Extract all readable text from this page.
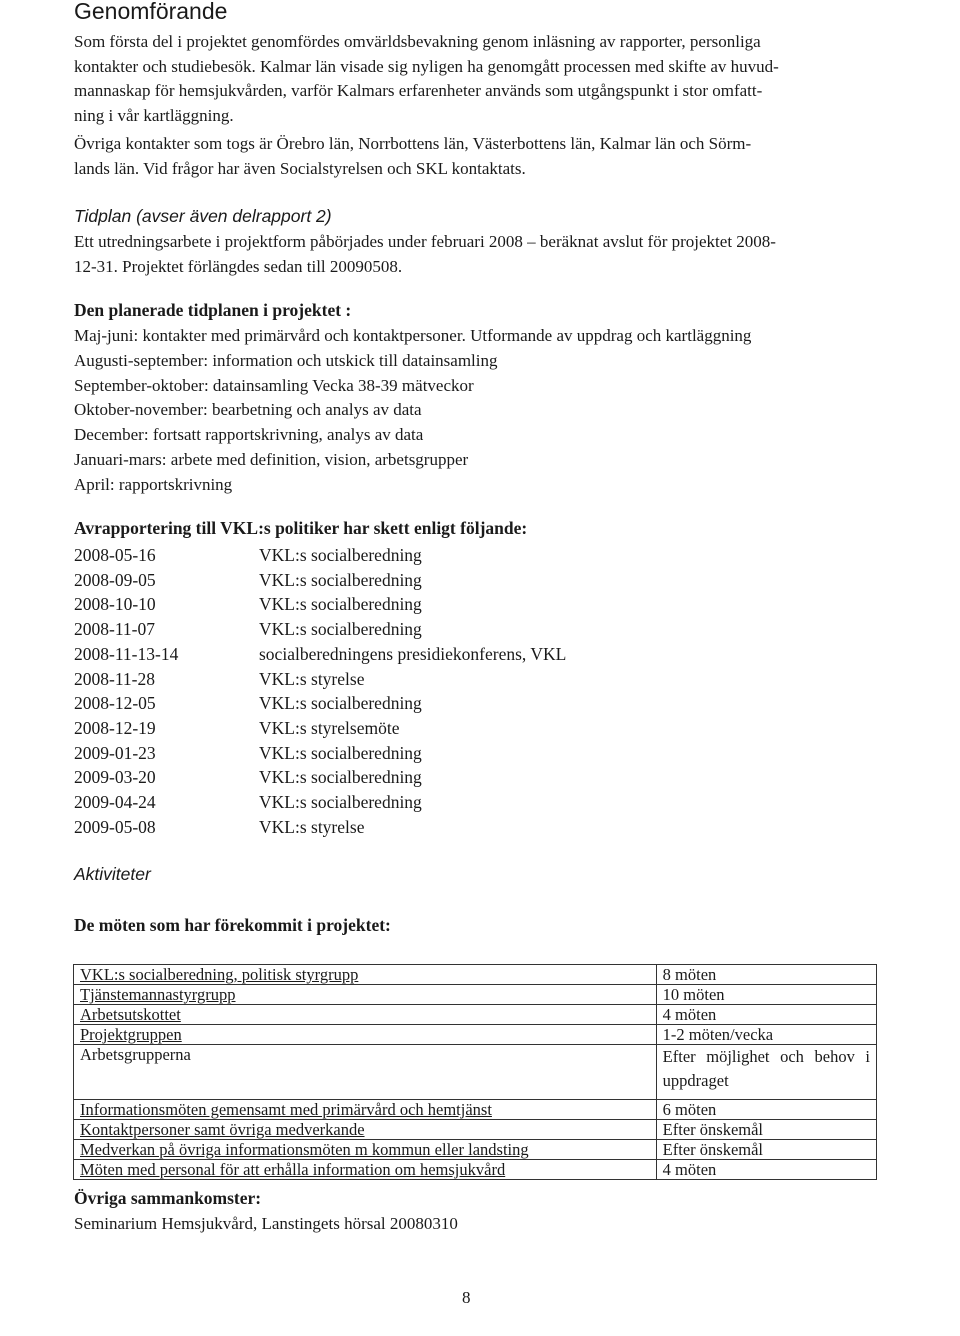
Genomförande

Som första del i projektet genomfördes omvärldsbevakning genom inläsning av rapporter, personliga
kontakter och studiebesök. Kalmar län visade sig nyligen ha genomgått processen med skifte av huvud-
mannaskap för hemsjukvården, varför Kalmars erfarenheter används som utgångspunkt i stor omfatt-
ning i vår kartläggning.

Övriga kontakter som togs är Örebro län, Norrbottens län, Västerbottens län, Kalmar län och Sörm-
lands län. Vid frågor har även Socialstyrelsen och SKL kontaktats.

Tidplan (avser även delrapport 2)

Ett utredningsarbete i projektform påbörjades under februari 2008 – beräknat avslut för projektet 2008-
12-31. Projektet förlängdes sedan till 20090508.

Den planerade tidplanen i projektet :

Maj-juni: kontakter med primärvård och kontaktpersoner. Utformande av uppdrag och kartläggning
Augusti-september: information och utskick till datainsamling
September-oktober: datainsamling Vecka 38-39 mätveckor
Oktober-november: bearbetning och analys av data
December: fortsatt rapportskrivning, analys av data
Januari-mars: arbete med definition, vision, arbetsgrupper
April: rapportskrivning

Avrapportering till VKL:s politiker har skett enligt följande:

2008-05-16	VKL:s socialberedning
2008-09-05	VKL:s socialberedning
2008-10-10	VKL:s socialberedning
2008-11-07	VKL:s socialberedning
2008-11-13-14	socialberedningens presidiekonferens, VKL
2008-11-28	VKL:s styrelse
2008-12-05	VKL:s socialberedning
2008-12-19	VKL:s styrelsemöte
2009-01-23	VKL:s socialberedning
2009-03-20	VKL:s socialberedning
2009-04-24	VKL:s socialberedning
2009-05-08	VKL:s styrelse

Aktiviteter

De möten som har förekommit i projektet:

VKL:s socialberedning, politisk styrgrupp	8 möten
Tjänstemannastyrgrupp	10 möten
Arbetsutskottet	4 möten
Projektgruppen	1-2 möten/vecka
Arbetsgrupperna	Efter möjlighet och behov i uppdraget
Informationsmöten gemensamt med primärvård och hemtjänst	6 möten
Kontaktpersoner samt övriga medverkande	Efter önskemål
Medverkan på övriga informationsmöten m kommun eller landsting	Efter önskemål
Möten med personal för att erhålla information om hemsjukvård	4 möten

Övriga sammankomster:

Seminarium Hemsjukvård, Lanstingets hörsal 20080310

8
